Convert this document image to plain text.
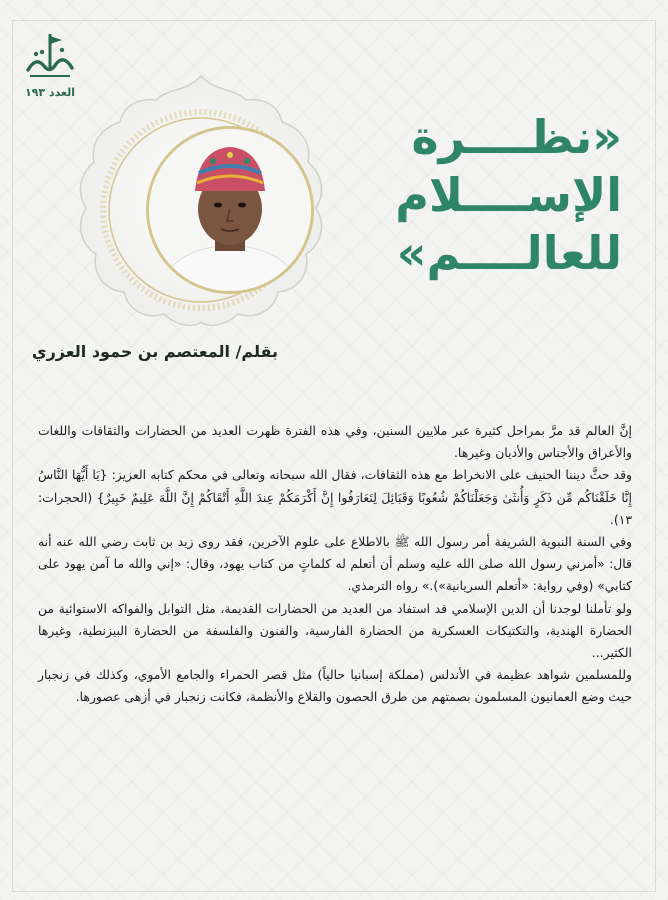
العدد ١٩٣
«نظــــرة
الإســــلام
للعالــــم»
بقلم/ المعتصم بن حمود العزري

إنَّ العالم قد مرَّ بمراحل كثيرة عبر ملايين السنين، وفي هذه الفترة ظهرت العديد من الحضارات والثقافات واللغات والأعراق والأجناس والأديان وغيرها.

وقد حثَّ ديننا الحنيف على الانخراط مع هذه الثقافات، فقال الله سبحانه وتعالى في محكم كتابه العزيز: {يَا أَيُّهَا النَّاسُ إِنَّا خَلَقْنَاكُم مِّن ذَكَرٍ وَأُنثَىٰ وَجَعَلْنَاكُمْ شُعُوبًا وَقَبَائِلَ لِتَعَارَفُوا إِنَّ أَكْرَمَكُمْ عِندَ اللَّهِ أَتْقَاكُمْ إِنَّ اللَّهَ عَلِيمٌ خَبِيرٌ} (الحجرات: ١٣).

وفي السنة النبوية الشريفة أمر رسول الله ﷺ بالاطلاع على علوم الآخرين، فقد روى زيد بن ثابت رضي الله عنه أنه قال: «أمرني رسول الله صلى الله عليه وسلم أن أتعلم له كلماتٍ من كتاب يهود، وقال: «إني والله ما آمن يهود على كتابي» (وفي رواية: «أتعلم السريانية»).» رواه الترمذي.

ولو تأملنا لوجدنا أن الدين الإسلامي قد استفاد من العديد من الحضارات القديمة، مثل التوابل والفواكه الاستوائية من الحضارة الهندية، والتكتيكات العسكرية من الحضارة الفارسية، والفنون والفلسفة من الحضارة البيزنطية، وغيرها الكثير...

وللمسلمين شواهد عظيمة في الأندلس (مملكة إسبانيا حالياً) مثل قصر الحمراء والجامع الأموي، وكذلك في زنجبار حيث وضع العمانيون المسلمون بصمتهم من طرق الحصون والقلاع والأنظمة، فكانت زنجبار في أزهى عصورها.
